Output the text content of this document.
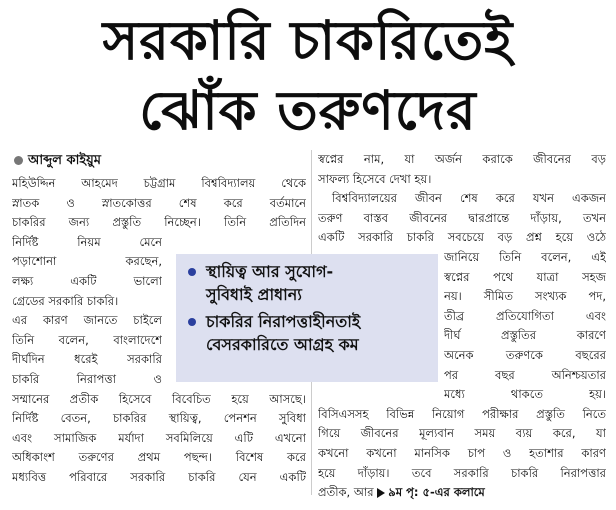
সরকারি চাকরিতেই
ঝোঁক তরুণদের
আব্দুল কাইয়ুম
মহিউদ্দিন আহমেদ চট্টগ্রাম বিশ্ববিদ্যালয় থেকে
স্নাতক ও স্নাতকোত্তর শেষ করে বর্তমানে
চাকরির জন্য প্রস্তুতি নিচ্ছেন। তিনি প্রতিদিন
নির্দিষ্ট নিয়ম মেনে
পড়াশোনা করছেন,
লক্ষ্য একটি ভালো
গ্রেডের সরকারি চাকরি।
এর কারণ জানতে চাইলে
তিনি বলেন, বাংলাদেশে
দীর্ঘদিন ধরেই সরকারি
চাকরি নিরাপত্তা ও
সম্মানের প্রতীক হিসেবে বিবেচিত হয়ে আসছে।
নির্দিষ্ট বেতন, চাকরির স্থায়িত্ব, পেনশন সুবিধা
এবং সামাজিক মর্যাদা সবমিলিয়ে এটি এখনো
অধিকাংশ তরুণের প্রথম পছন্দ। বিশেষ করে
মধ্যবিত্ত পরিবারে সরকারি চাকরি যেন একটি
স্বপ্নের নাম, যা অর্জন করাকে জীবনের বড়
সাফল্য হিসেবে দেখা হয়।
বিশ্ববিদ্যালয়ের জীবন শেষ করে যখন একজন
তরুণ বাস্তব জীবনের দ্বারপ্রান্তে দাঁড়ায়, তখন
একটি সরকারি চাকরি সবচেয়ে বড় প্রশ্ন হয়ে ওঠে
জানিয়ে তিনি বলেন, এই
স্বপ্নের পথে যাত্রা সহজ
নয়। সীমিত সংখ্যক পদ,
তীব্র প্রতিযোগিতা এবং
দীর্ঘ প্রস্তুতির কারণে
অনেক তরুণকে বছরের
পর বছর অনিশ্চয়তার
মধ্যে থাকতে হয়।
বিসিএসসহ বিভিন্ন নিয়োগ পরীক্ষার প্রস্তুতি নিতে
গিয়ে জীবনের মূল্যবান সময় ব্যয় করে, যা
কখনো কখনো মানসিক চাপ ও হতাশার কারণ
হয়ে দাঁড়ায়। তবে সরকারি চাকরি নিরাপত্তার
প্রতীক, আর ৯ম পৃ: ৫-এর কলামে
স্থায়িত্ব আর সুযোগ-
সুবিধাই প্রাধান্য
চাকরির নিরাপত্তাহীনতাই
বেসরকারিতে আগ্রহ কম
